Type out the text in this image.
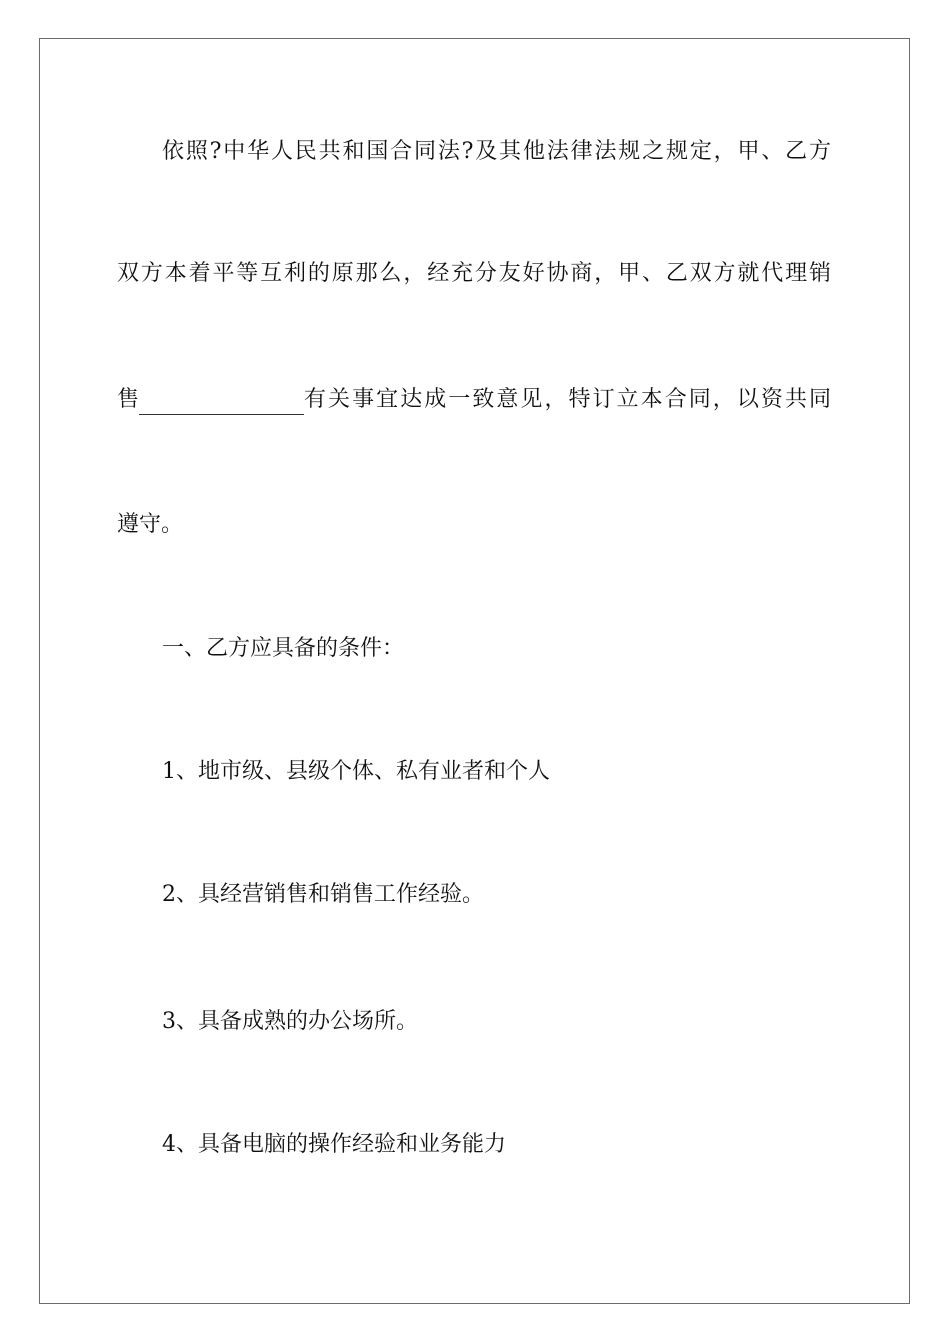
依照?中华人民共和国合同法?及其他法律法规之规定，甲、乙方

双方本着平等互利的原那么，经充分友好协商，甲、乙双方就代理销

售	有关事宜达成一致意见，特订立本合同，以资共同

遵守。

一、乙方应具备的条件：

1、地市级、县级个体、私有业者和个人

2、具经营销售和销售工作经验。

3、具备成熟的办公场所。

4、具备电脑的操作经验和业务能力
